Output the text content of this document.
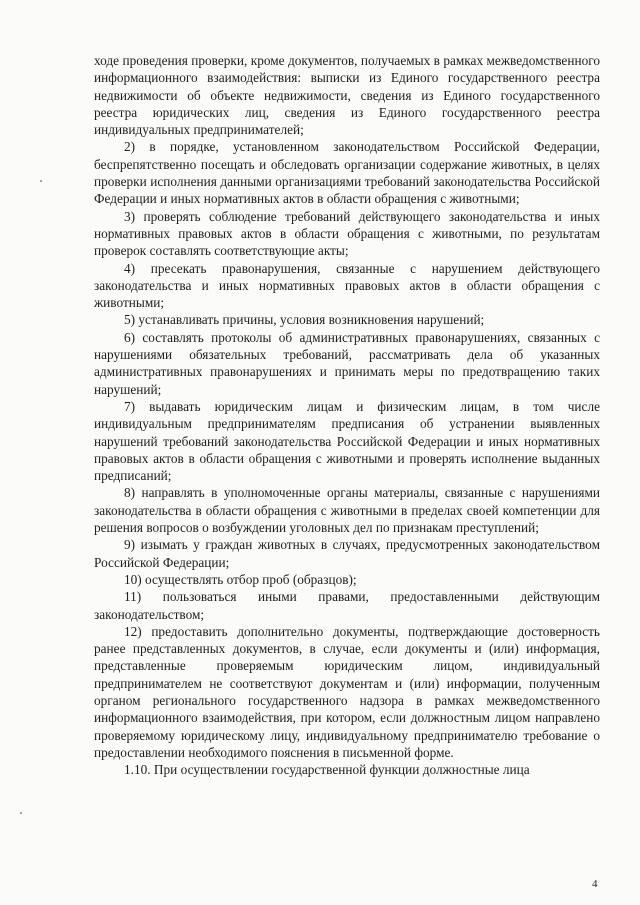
ходе проведения проверки, кроме документов, получаемых в рамках межведомственного информационного взаимодействия: выписки из Единого государственного реестра недвижимости об объекте недвижимости, сведения из Единого государственного реестра юридических лиц, сведения из Единого государственного реестра индивидуальных предпринимателей;

2) в порядке, установленном законодательством Российской Федерации, беспрепятственно посещать и обследовать организации содержание животных, в целях проверки исполнения данными организациями требований законодательства Российской Федерации и иных нормативных актов в области обращения с животными;

3) проверять соблюдение требований действующего законодательства и иных нормативных правовых актов в области обращения с животными, по результатам проверок составлять соответствующие акты;

4) пресекать правонарушения, связанные с нарушением действующего законодательства и иных нормативных правовых актов в области обращения с животными;

5) устанавливать причины, условия возникновения нарушений;

6) составлять протоколы об административных правонарушениях, связанных с нарушениями обязательных требований, рассматривать дела об указанных административных правонарушениях и принимать меры по предотвращению таких нарушений;

7) выдавать юридическим лицам и физическим лицам, в том числе индивидуальным предпринимателям предписания об устранении выявленных нарушений требований законодательства Российской Федерации и иных нормативных правовых актов в области обращения с животными и проверять исполнение выданных предписаний;

8) направлять в уполномоченные органы материалы, связанные с нарушениями законодательства в области обращения с животными в пределах своей компетенции для решения вопросов о возбуждении уголовных дел по признакам преступлений;

9) изымать у граждан животных в случаях, предусмотренных законодательством Российской Федерации;

10) осуществлять отбор проб (образцов);

11) пользоваться иными правами, предоставленными действующим законодательством;

12) предоставить дополнительно документы, подтверждающие достоверность ранее представленных документов, в случае, если документы и (или) информация, представленные проверяемым юридическим лицом, индивидуальный предпринимателем не соответствуют документам и (или) информации, полученным органом регионального государственного надзора в рамках межведомственного информационного взаимодействия, при котором, если должностным лицом направлено проверяемому юридическому лицу, индивидуальному предпринимателю требование о предоставлении необходимого пояснения в письменной форме.

1.10. При осуществлении государственной функции должностные лица

4
